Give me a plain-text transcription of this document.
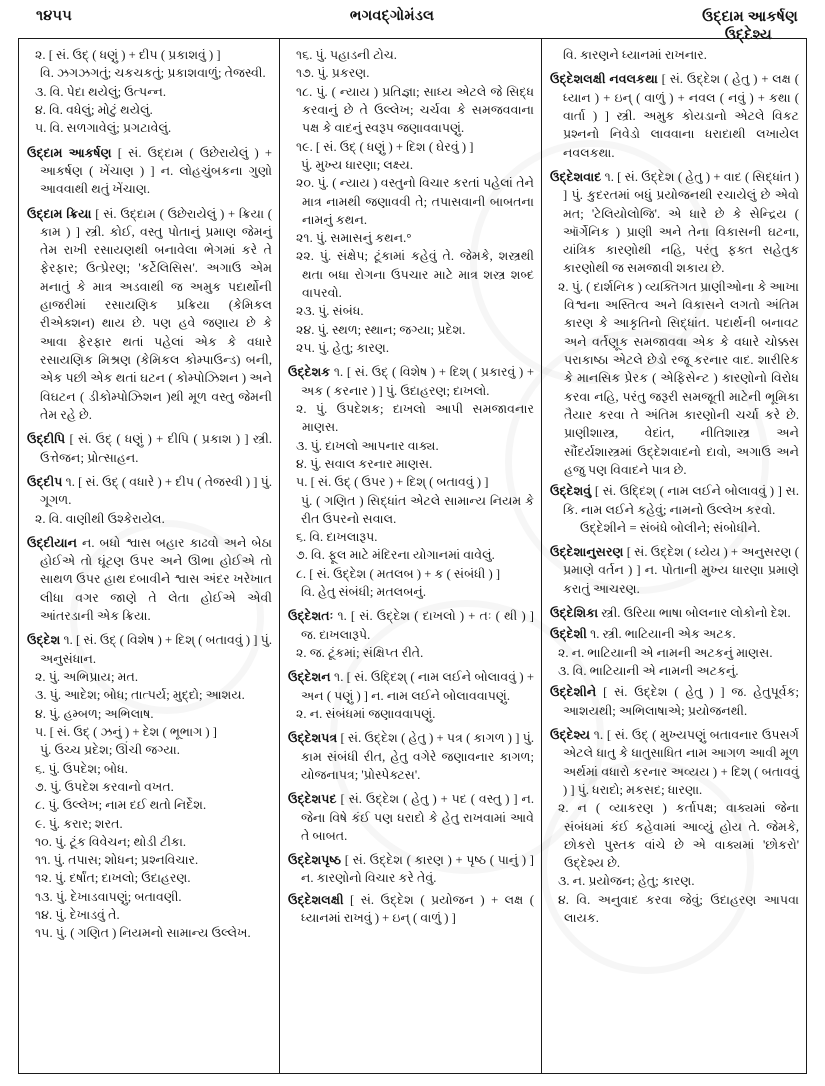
૧૪૫૫	ભગવદ્ગોમંડલ	ઉદ્દામ આકર્ષણ
ઉદ્દેશ્ય
૨. [ સં. ઉદ્ ( ધણું ) + દીપ ( પ્રકાશવું ) ]
વિ. ઝગઝગતું; ચકચકતું; પ્રકાશવાળું; તેજસ્વી.
૩. વિ. પેદા થયેલું; ઉત્પન્ન.
૪. વિ. વધેલું; મોટું થયેલું.
૫. વિ. સળગાવેલું; પ્રગટાવેલું.
ઉદ્દામ આકર્ષણ [ સં. ઉદ્દામ ( ઉછેરાયેલું ) + આકર્ષણ ( ખેંચાણ ) ] ન. લોહચુંબકના ગુણો આવવાથી થતું ખેંચાણ.
ઉદ્દામ ક્રિયા [ સં. ઉદ્દામ ( ઉછેરાયેલું ) + ક્રિયા ( કામ ) ] સ્ત્રી. કોઈ, વસ્તુ પોતાનું પ્રમાણ જેમનું તેમ રાખી રસાયણથી બનાવેલા ભેગમાં કરે તે ફેરફાર; ઉત્પ્રેરણ; 'કર્ટેલિસિસ'. અગાઉ એમ મનાતું કે માત્ર અડવાથી જ અમુક પદાર્થોની હાજરીમાં રસાયણિક પ્રક્રિયા (કેમિકલ રીએક્શન) થાય છે. પણ હવે જણાય છે કે આવા ફેરફાર થતાં પહેલાં એક કે વધારે રસાયણિક મિશ્રણ (કેમિકલ કોમ્પાઉન્ડ) બની, એક પછી એક થતાં ઘટન ( કોમ્પોઝિશન ) અને વિઘટન ( ડીકોમ્પોઝિશન )થી મૂળ વસ્તુ જેમની તેમ રહે છે.
ઉદ્દીપિ [ સં. ઉદ્ ( ધણું ) + દીપિ ( પ્રકાશ ) ] સ્ત્રી. ઉત્તેજન; પ્રોત્સાહન.
ઉદ્દીપ ૧. [ સં. ઉદ્ ( વધારે ) + દીપ ( તેજસ્વી ) ] પું. ગૂગળ.
૨. વિ. વાણીથી ઉશ્કેરાયેલ.
ઉદ્દીયાન ન. બધો શ્વાસ બહાર કાઢવો અને બેઠા હોઈએ તો ઘૂંટણ ઉપર અને ઊભા હોઈએ તો સાથળ ઉપર હાથ દબાવીને શ્વાસ અંદર ખરેખાત લીધા વગર જાણે તે લેતા હોઈએ એવી આંતરડાની એક ક્રિયા.
ઉદ્દેશ ૧. [ સં. ઉદ્ ( વિશેષ ) + દિશ્ ( બતાવવું ) ] પું. અનુસંધાન.
૨. પું. અભિપ્રાય; મત.
૩. પું. આદેશ; બોધ; તાત્પર્ય; મુદ્દો; આશય.
૪. પું. હમ્બળ; અભિલાષ.
૫. [ સં. ઉદ્ ( ઝનું ) + દેશ ( ભૂભાગ ) ]
પું. ઉચ્ચ પ્રદેશ; ઊંચી જગ્યા.
૬. પું. ઉપદેશ; બોધ.
૭. પું. ઉપદેશ કરવાનો વખત.
૮. પું. ઉલ્લેખ; નામ દઈ થતો નિર્દેશ.
૯. પું. કરાર; શરત.
૧૦. પું. ટૂંક વિવેચન; થોડી ટીકા.
૧૧. પું. તપાસ; શોધન; પ્રશ્નવિચાર.
૧૨. પું. દર્ષાંત; દાખલો; ઉદાહરણ.
૧૩. પું. દેખાડવાપણું; બતાવણી.
૧૪. પું. દેખાડવું તે.
૧૫. પું. ( ગણિત ) નિયમનો સામાન્ય ઉલ્લેખ.
૧૬. પું. પહાડની ટોચ.
૧૭. પું. પ્રકરણ.
૧૮. પું. ( ન્યાય ) પ્રતિજ્ઞા; સાધ્ય એટલે જે સિદ્ધ કરવાનું છે તે ઉલ્લેખ; ચર્ચવા કે સમજવવાના પક્ષ કે વાદનું સ્વરૂપ જણાવવાપણું.
૧૯. [ સં. ઉદ્ ( ધણું ) + દિશ ( ઘેરવું ) ]
પું. મુખ્ય ધારણા; લક્ષ્ય.
૨૦. પું. ( ન્યાય ) વસ્તુનો વિચાર કરતાં પહેલાં તેને માત્ર નામથી જણાવવી તે; તપાસવાની બાબતના નામનું કથન.
૨૧. પું. સમાસનું કથન.°
૨૨. પું. સંક્ષેપ; ટૂંકામાં કહેવું તે. જેમકે, શસ્ત્રથી થતા બધા રોગના ઉપચાર માટે માત્ર શસ્ત્ર શબ્દ વાપરવો.
૨૩. પું. સંબંધ.
૨૪. પું. સ્થળ; સ્થાન; જગ્યા; પ્રદેશ.
૨૫. પું. હેતુ; કારણ.
ઉદ્દેશક ૧. [ સં. ઉદ્ ( વિશેષ ) + દિશ્ ( પ્રકારવું ) + અક ( કરનાર ) ] પું. ઉદાહરણ; દાખલો.
૨. પું. ઉપદેશક; દાખલો આપી સમજાવનાર માણસ.
૩. પું. દાખલો આપનાર વાક્ય.
૪. પું. સવાલ કરનાર માણસ.
૫. [ સં. ઉદ્ ( ઉપર ) + દિશ્ ( બતાવવું ) ]
પું. ( ગણિત ) સિદ્ધાંત એટલે સામાન્ય નિયમ કે રીત ઉપરનો સવાલ.
૬. વિ. દાખલારૂપ.
૭. વિ. ફૂલ માટે મંદિરના યોગાનમાં વાવેલું.
૮. [ સં. ઉદ્દેશ ( મતલબ ) + ક ( સંબંધી ) ]
વિ. હેતુ સંબંધી; મતલબનું.
ઉદ્દેશતઃ ૧. [ સં. ઉદ્દેશ ( દાખલો ) + તઃ ( થી ) ] જ. દાખલારૂપે.
૨. જ. ટૂંકમાં; સંક્ષિપ્ત રીતે.
ઉદ્દેશન ૧. [ સં. ઉદ્દિશ્ ( નામ લઈને બોલાવવું ) + અન ( પણું ) ] ન. નામ લઈને બોલાવવાપણું.
૨. ન. સંબંધમાં જણાવવાપણું.
ઉદ્દેશપત્ર [ સં. ઉદ્દેશ ( હેતુ ) + પત્ર ( કાગળ ) ] પું. કામ સંબંધી રીત, હેતુ વગેરે જણાવનાર કાગળ; યોજનાપત્ર; 'પ્રોસ્પેક્ટસ'.
ઉદ્દેશપદ [ સં. ઉદ્દેશ ( હેતુ ) + પદ ( વસ્તુ ) ] ન. જેના વિષે કંઈ પણ ધરાદો કે હેતુ રાખવામાં આવે તે બાબત.
ઉદ્દેશપૃષ્ઠ [ સં. ઉદ્દેશ ( કારણ ) + પૃષ્ઠ ( પાનું ) ] ન. કારણોનો વિચાર કરે તેવું.
ઉદ્દેશલક્ષી [ સં. ઉદ્દેશ ( પ્રયોજન ) + લક્ષ ( ધ્યાનમાં રાખવું ) + ઇન્ ( વાળું ) ]
વિ. કારણને ધ્યાનમાં રાખનાર.
ઉદ્દેશલક્ષી નવલકથા [ સં. ઉદ્દેશ ( હેતુ ) + લક્ષ ( ધ્યાન ) + ઇન્ ( વાળું ) + નવલ ( નવું ) + કથા ( વાર્તા ) ] સ્ત્રી. અમુક કોયડાનો એટલે વિકટ પ્રશ્નનો નિવેડો લાવવાના ધરાદાથી લખાયેલ નવલકથા.
ઉદ્દેશવાદ ૧. [ સં. ઉદ્દેશ ( હેતુ ) + વાદ ( સિદ્ધાંત ) ] પું. કુદરતમાં બધું પ્રયોજનથી રચાયેલું છે એવો મત; 'ટેલિયોલોજિ'. એ ધારે છે કે સેન્દ્રિય ( ઑર્ગેનિક ) પ્રાણી અને તેના વિકાસની ઘટના, યાંત્રિક કારણોથી નહિ, પરંતુ ફક્ત સહેતુક કારણોથી જ સમજાવી શકાય છે.
૨. પું. ( દાર્શનિક ) વ્યક્તિગત પ્રાણીઓના કે આખા વિશ્વના અસ્તિત્વ અને વિકાસને લગતો અંતિમ કારણ કે આકૃતિનો સિદ્ધાંત. પદાર્થની બનાવટ અને વર્તણૂક સમજાવવા એક કે વધારે ચોક્કસ પરાકાષ્ઠા એટલે છેડો રજૂ કરનાર વાદ. શારીરિક કે માનસિક પ્રેરક ( એફિસેન્ટ ) કારણોનો વિરોધ કરવા નહિ, પરંતુ જરૂરી સમજૂતી માટેની ભૂમિકા તૈયાર કરવા તે અંતિમ કારણોની ચર્ચા કરે છે. પ્રાણીશાસ્ત્ર, વેદાંત, નીતિશાસ્ત્ર અને સૌંદર્યશાસ્ત્રમાં ઉદ્દેશવાદનો દાવો, અગાઉ અને હજુ પણ વિવાદને પાત્ર છે.
ઉદ્દેશવું [ સં. ઉદ્દિશ્ ( નામ લઈને બોલાવવું ) ] સ. કિ. નામ લઈને કહેવું; નામનો ઉલ્લેખ કરવો.
ઉદ્દેશીને = સંબંધે બોલીને; સંબોધીને.
ઉદ્દેશાનુસરણ [ સં. ઉદ્દેશ ( ધ્યેય ) + અનુસરણ ( પ્રમાણે વર્તન ) ] ન. પોતાની મુખ્ય ધારણા પ્રમાણે કરાતું આચરણ.
ઉદ્દેશિકા સ્ત્રી. ઉરિયા ભાષા બોલનાર લોકોનો દેશ.
ઉદ્દેશી ૧. સ્ત્રી. ભાટિયાની એક અટક.
૨. ન. ભાટિયાની એ નામની અટકનું માણસ.
૩. વિ. ભાટિયાની એ નામની અટકનું.
ઉદ્દેશીને [ સં. ઉદ્દેશ ( હેતુ ) ] જ. હેતુપૂર્વક; આશયથી; અભિલાષાએ; પ્રયોજનથી.
ઉદ્દેશ્ય ૧. [ સં. ઉદ્ ( મુખ્યપણું બતાવનાર ઉપસર્ગ એટલે ધાતુ કે ધાતુસાધિત નામ આગળ આવી મૂળ અર્થમાં વધારો કરનાર અવ્યય ) + દિશ્ ( બતાવવું ) ] પું. ધરાદો; મકસદ; ધારણા.
૨. ન ( વ્યાકરણ ) કર્તાપક્ષ; વાક્યમાં જેના સંબંધમાં કંઈ કહેવામાં આવ્યું હોય તે. જેમકે, છોકરો પુસ્તક વાંચે છે એ વાક્યમાં 'છોકરો' ઉદ્દેશ્ય છે.
૩. ન. પ્રયોજન; હેતુ; કારણ.
૪. વિ. અનુવાદ કરવા જેવું; ઉદાહરણ આપવા લાયક.
